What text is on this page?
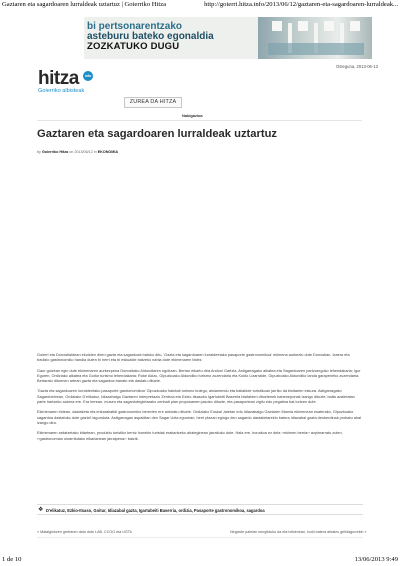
Gaztaren eta sagardoaren lurraldeak uztartuz | Goierriko Hitza	http://goierri.hitza.info/2013/06/12/gaztaren-eta-sagardoaren-lurraldeak...
bi pertsonarentzako
asteburu bateko egonaldia
ZOZKATUKO DUGU
hitza	info
Goierriko albisteak
Osteguna, 2013-06-13
ZUREA DA HITZA
Nabigazioa
Gaztaren eta sagardoaren lurraldeak uztartuz
by Goierriko Hitza on 2013/06/12 in EKONOMIA

Goierri eta Donostialdean ekoizten diren gazta eta sagardoak batuko ditu, 'Gazta eta sagardoaren lurraldeetako pasaporte gastronomikoa' ekimena aurkeztu dute Donostian. Izaera eta tradizio gastronomiko handia duten bi herri eta bi eskualde batzeko nahia dute ekimenaren bidez.

Gaur goizean egin dute ekimenaren aurkezpena Donostiako Aldundiaren egoitzan. Bertan elkartu dira Andoni Gartzia, Astigarragako alkatea eta Sagardoaren partzuergoko lehendakaria; Igor Eguren, Ordiziako alkatea eta Goitur turismo lehendakaria; Roke Akizu, Gipuzkoako Aldundiko turismo zuzendaria eta Koldo Lizarralde, Gipuzkoako Aldundiko landa garapeneko zuzendaria. Bertaratu dituenen artean gazta eta sagardoa banatu eta dastatu dituzte.

'Gazta eta sagardoaren lurraldeetako pasaporte gastronomikoa' Gipuzkoako hainbat turismo bulego, aisiamendu eta bailabide turistikoan jarriko da bisitarien eskura. Astigarragako Sagardoetxean, Ordiziako D'elikatuz, Idiazabalgo Gaztaren Interpretazio Zentroa eta Ezkio-Itsasoko Igartubeiti Baserria bisitatzen dituztenek baheneponak izango dituzte, baita azaleratan parte hartzeko aukera ere. Era berean, museo eta sagardotegietarako zenbait plan proposamen jasoko dituzte, eta pasaportean zigilu edo pegatina bat lortzen dute.

Ekimenaren bidean, dastaketa eta enkarakatidi gastronomiko berezien ere antolatu dituzte. Ordiziako Euskal Jaietan edo Idiazabalgo Gaztaren Mamia ekimenean esaterako, Gipuzkoako sagardoa dastatuko dute gazta'i lagunduta. Astigarragan aspaldian den Sagar Uzta egunean, herri plazan egingo den sagardo dastaketarekin batera Idiazabal gazta desberdinak probatu ahal izango dira.

Ekimenaren ardatzetako bitartean, produktu turistiko berriz honekin turistak erakartzeko ahaleginean jarraituko dute. Hala ere, honakoa ez dela ‹‹ekimen berria›› azpimarratu zuten, ‹‹gastronomian oinarritutako elkarlanean jarraipena›› baizik.

❖ D'elikatuz, Ezkio-Itsaso, Goitur, Idiazabal gazta, Igartubeiti Baserria, ordizia, Pasaporte gastronomikoa, sagardoa
« Matalginkzen grebaren datu dute LAB, CCOO eta UGTk	Negarde palelan murgilduko da eta txikienean, txoki batera abiatzu gehitagurrekin »
1 de 10	13/06/2013 9:49
